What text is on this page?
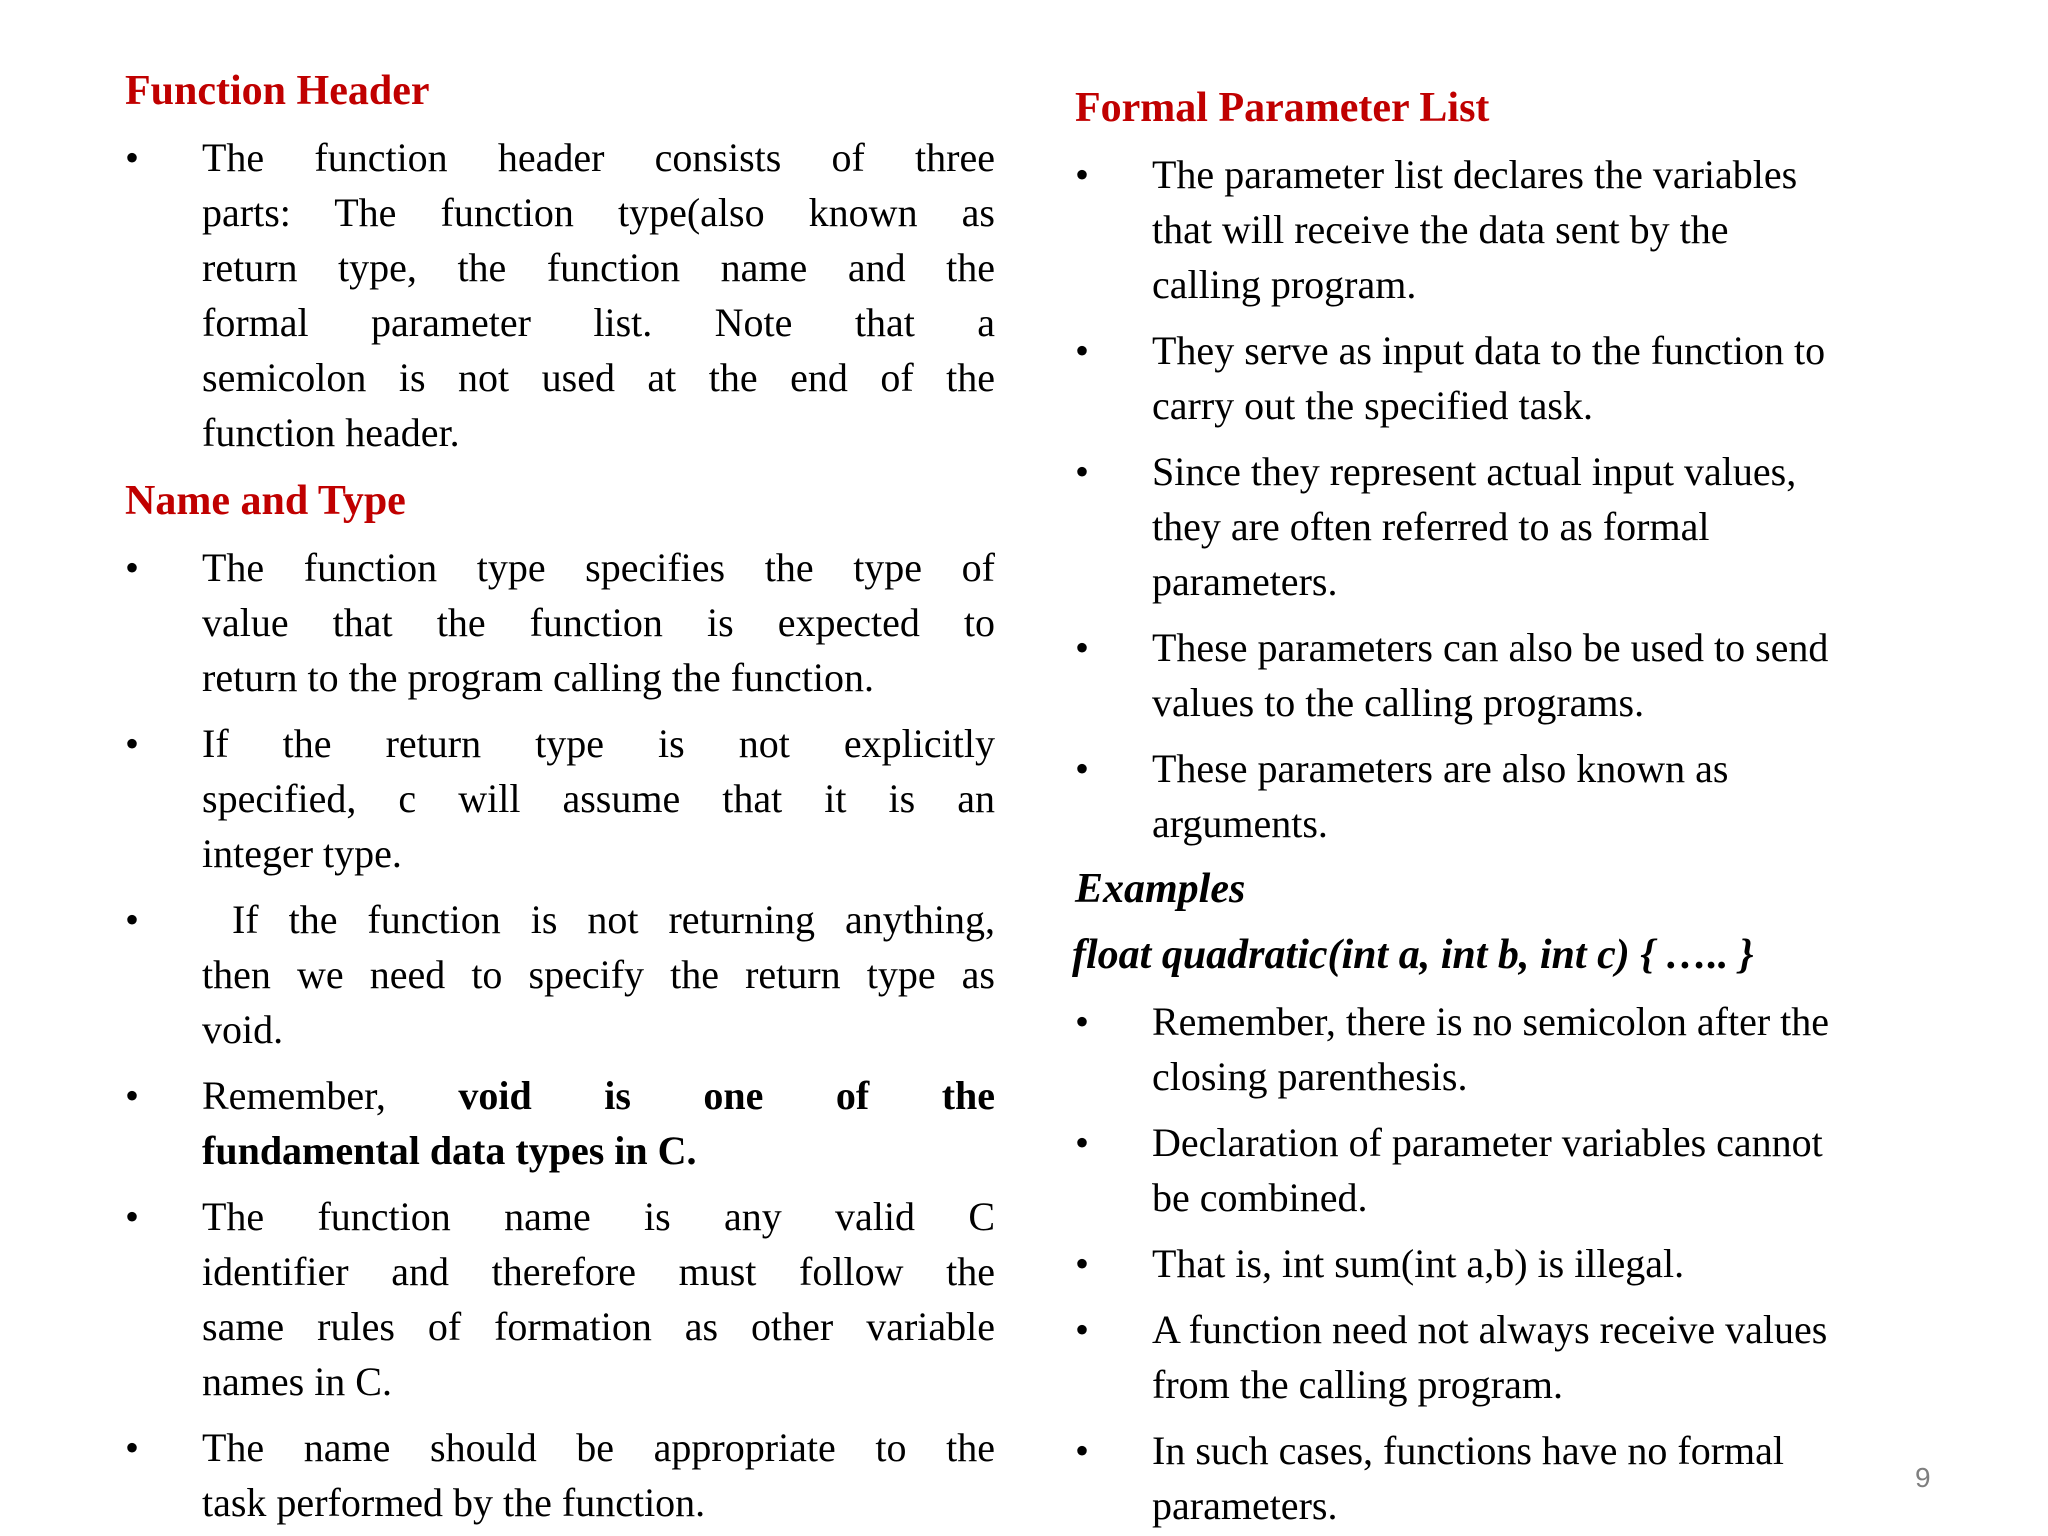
Function Header
• The function header consists of three
parts: The function type(also known as
return type, the function name and the
formal parameter list. Note that a
semicolon is not used at the end of the
function header.
Name and Type
• The function type specifies the type of
value that the function is expected to
return to the program calling the function.
• If the return type is not explicitly
specified, c will assume that it is an
integer type.
• If the function is not returning anything,
then we need to specify the return type as
void.
• Remember, void is one of the
fundamental data types in C.
• The function name is any valid C
identifier and therefore must follow the
same rules of formation as other variable
names in C.
• The name should be appropriate to the
task performed by the function.
Formal Parameter List
• The parameter list declares the variables
that will receive the data sent by the
calling program.
• They serve as input data to the function to
carry out the specified task.
• Since they represent actual input values,
they are often referred to as formal
parameters.
• These parameters can also be used to send
values to the calling programs.
• These parameters are also known as
arguments.
Examples
float quadratic(int a, int b, int c) { ….. }
• Remember, there is no semicolon after the
closing parenthesis.
• Declaration of parameter variables cannot
be combined.
• That is, int sum(int a,b) is illegal.
• A function need not always receive values
from the calling program.
• In such cases, functions have no formal
parameters.
9
